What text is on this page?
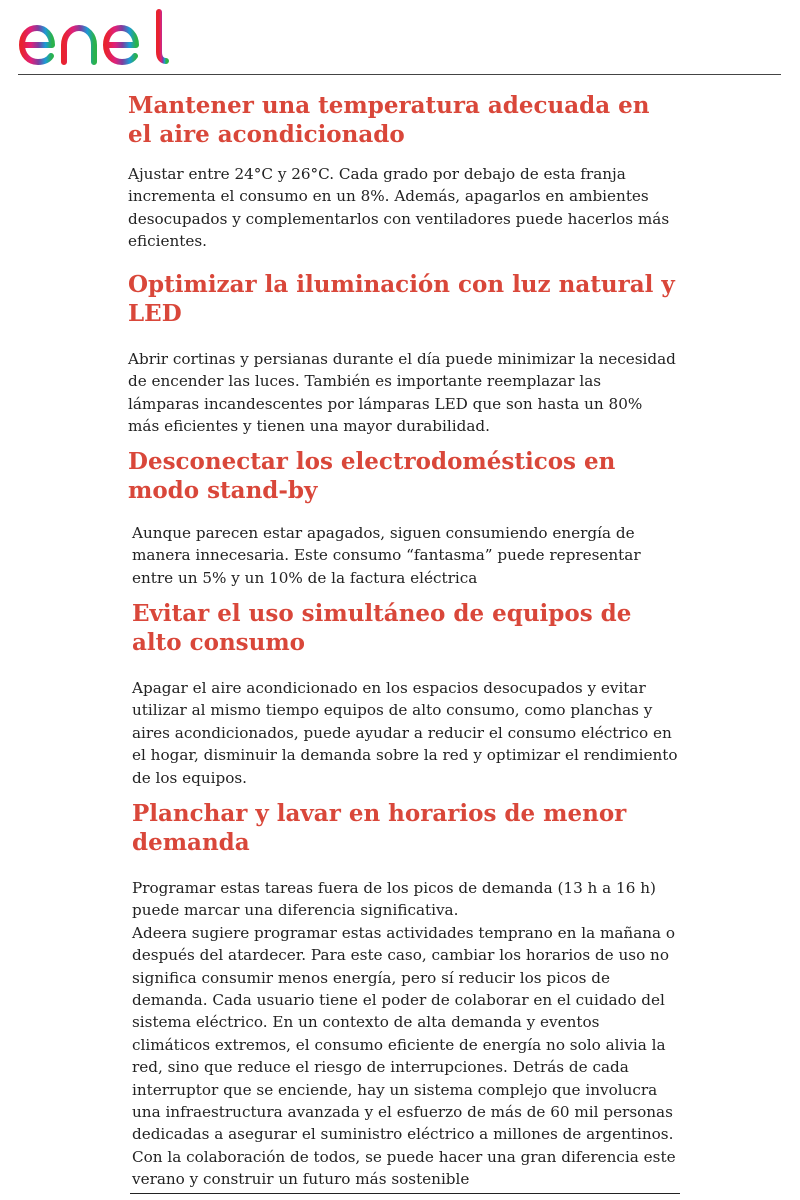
Mantener una temperatura adecuada en el aire acondicionado

Ajustar entre 24°C y 26°C. Cada grado por debajo de esta franja incrementa el consumo en un 8%. Además, apagarlos en ambientes desocupados y complementarlos con ventiladores puede hacerlos más eficientes.

Optimizar la iluminación con luz natural y LED

Abrir cortinas y persianas durante el día puede minimizar la necesidad de encender las luces. También es importante reemplazar las lámparas incandescentes por lámparas LED que son hasta un 80% más eficientes y tienen una mayor durabilidad.

Desconectar los electrodomésticos en modo stand-by

Aunque parecen estar apagados, siguen consumiendo energía de manera innecesaria. Este consumo “fantasma” puede representar entre un 5% y un 10% de la factura eléctrica

Evitar el uso simultáneo de equipos de alto consumo

Apagar el aire acondicionado en los espacios desocupados y evitar utilizar al mismo tiempo equipos de alto consumo, como planchas y aires acondicionados, puede ayudar a reducir el consumo eléctrico en el hogar, disminuir la demanda sobre la red y optimizar el rendimiento de los equipos.

Planchar y lavar en horarios de menor demanda

Programar estas tareas fuera de los picos de demanda (13 h a 16 h) puede marcar una diferencia significativa.
Adeera sugiere programar estas actividades temprano en la mañana o después del atardecer. Para este caso, cambiar los horarios de uso no significa consumir menos energía, pero sí reducir los picos de demanda. Cada usuario tiene el poder de colaborar en el cuidado del sistema eléctrico. En un contexto de alta demanda y eventos climáticos extremos, el consumo eficiente de energía no solo alivia la red, sino que reduce el riesgo de interrupciones. Detrás de cada interruptor que se enciende, hay un sistema complejo que involucra una infraestructura avanzada y el esfuerzo de más de 60 mil personas dedicadas a asegurar el suministro eléctrico a millones de argentinos. Con la colaboración de todos, se puede hacer una gran diferencia este verano y construir un futuro más sostenible
